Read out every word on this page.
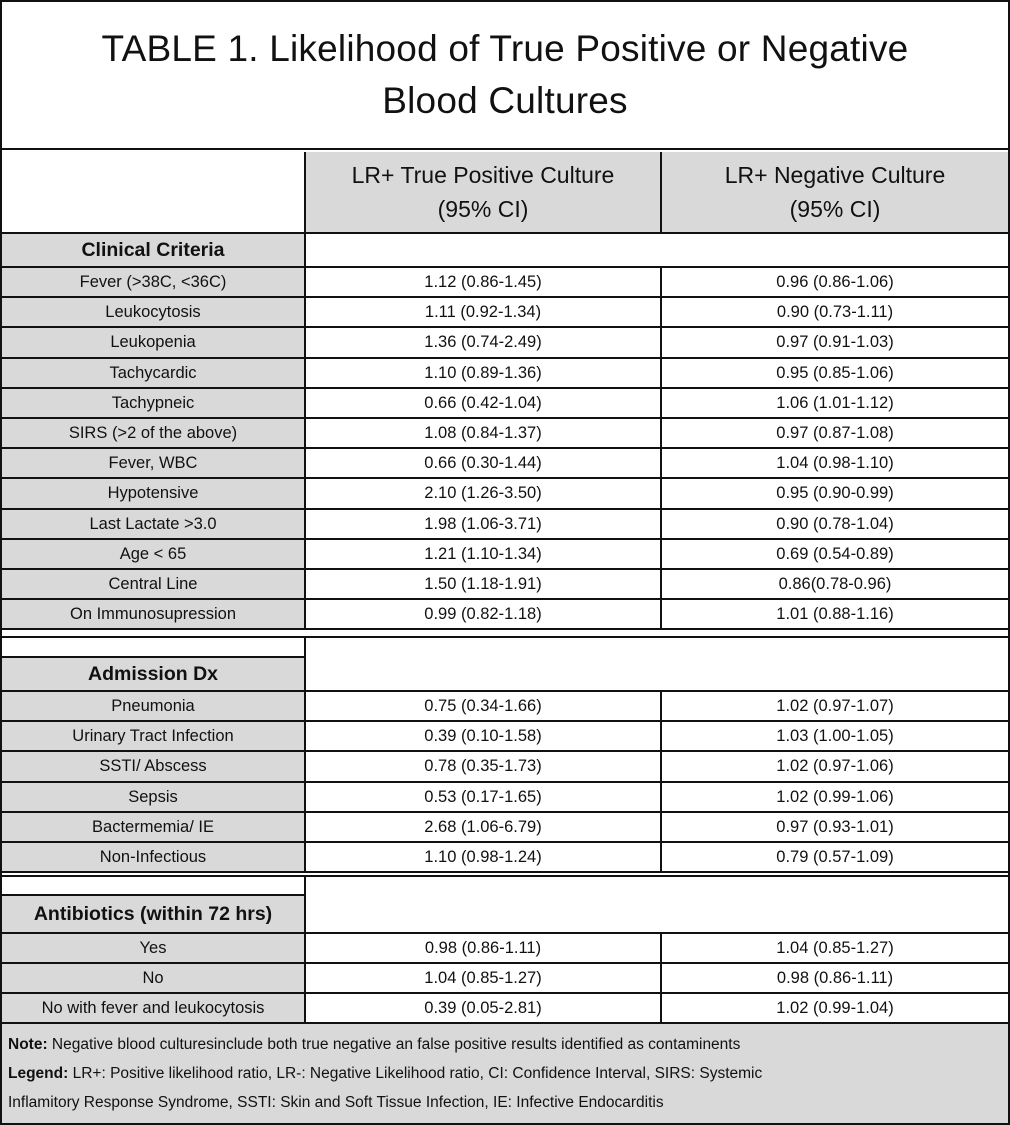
TABLE 1. Likelihood of True Positive or Negative
Blood Cultures
LR+ True Positive Culture
(95% CI)
LR+ Negative Culture
(95% CI)
Clinical Criteria
Fever (>38C, <36C)	1.12 (0.86-1.45)	0.96 (0.86-1.06)
Leukocytosis	1.11 (0.92-1.34)	0.90 (0.73-1.11)
Leukopenia	1.36 (0.74-2.49)	0.97 (0.91-1.03)
Tachycardic	1.10 (0.89-1.36)	0.95 (0.85-1.06)
Tachypneic	0.66 (0.42-1.04)	1.06 (1.01-1.12)
SIRS (>2 of the above)	1.08 (0.84-1.37)	0.97 (0.87-1.08)
Fever, WBC	0.66 (0.30-1.44)	1.04 (0.98-1.10)
Hypotensive	2.10 (1.26-3.50)	0.95 (0.90-0.99)
Last Lactate >3.0	1.98 (1.06-3.71)	0.90 (0.78-1.04)
Age < 65	1.21 (1.10-1.34)	0.69 (0.54-0.89)
Central Line	1.50 (1.18-1.91)	0.86(0.78-0.96)
On Immunosupression	0.99 (0.82-1.18)	1.01 (0.88-1.16)
Admission Dx
Pneumonia	0.75 (0.34-1.66)	1.02 (0.97-1.07)
Urinary Tract Infection	0.39 (0.10-1.58)	1.03 (1.00-1.05)
SSTI/ Abscess	0.78 (0.35-1.73)	1.02 (0.97-1.06)
Sepsis	0.53 (0.17-1.65)	1.02 (0.99-1.06)
Bactermemia/ IE	2.68 (1.06-6.79)	0.97 (0.93-1.01)
Non-Infectious	1.10 (0.98-1.24)	0.79 (0.57-1.09)
Antibiotics (within 72 hrs)
Yes	0.98 (0.86-1.11)	1.04 (0.85-1.27)
No	1.04 (0.85-1.27)	0.98 (0.86-1.11)
No with fever and leukocytosis	0.39 (0.05-2.81)	1.02 (0.99-1.04)
Note: Negative blood culturesinclude both true negative an false positive results identified as contaminents
Legend: LR+: Positive likelihood ratio, LR-: Negative Likelihood ratio, CI: Confidence Interval, SIRS: Systemic
Inflamitory Response Syndrome, SSTI: Skin and Soft Tissue Infection, IE: Infective Endocarditis
